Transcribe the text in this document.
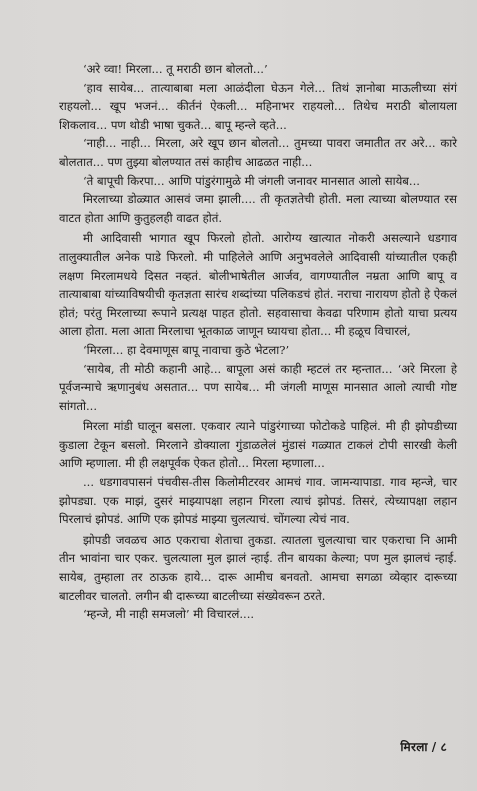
‘अरे व्वा! मिरला... तू मराठी छान बोलतो...’

‘हाव सायेब... तात्याबाबा मला आळंदीला घेऊन गेले... तिथं ज्ञानोबा माऊलीच्या संगं राहयलो... खूप भजनं... कीर्तनं ऐकली... महिनाभर राहयलो... तिथेच मराठी बोलायला शिकलाव... पण थोडी भाषा चुकते... बापू म्हन्ले व्हते...

‘नाही... नाही... मिरला, अरे खूप छान बोलतो... तुमच्या पावरा जमातीत तर अरे... कारे बोलतात... पण तुझ्या बोलण्यात तसं काहीच आढळत नाही...

‘ते बापूची किरपा... आणि पांडुरंगामुळे मी जंगली जनावर मानसात आलो सायेब...

मिरलाच्या डोळ्यात आसवं जमा झाली.... ती कृतज्ञतेची होती. मला त्याच्या बोलण्यात रस वाटत होता आणि कुतुहलही वाढत होतं.

मी आदिवासी भागात खूप फिरलो होतो. आरोग्य खात्यात नोकरी असल्याने धडगाव तालुक्यातील अनेक पाडे फिरलो. मी पाहिलेले आणि अनुभवलेले आदिवासी यांच्यातील एकही लक्षण मिरलामधये दिसत नव्हतं. बोलीभाषेतील आर्जव, वागण्यातील नम्रता आणि बापू व तात्याबाबा यांच्याविषयीची कृतज्ञता सारंच शब्दांच्या पलिकडचं होतं. नराचा नारायण होतो हे ऐकलं होतं; परंतु मिरलाच्या रूपाने प्रत्यक्ष पाहत होतो. सहवासाचा केवढा परिणाम होतो याचा प्रत्यय आला होता. मला आता मिरलाचा भूतकाळ जाणून घ्यायचा होता... मी हळूच विचारलं,

‘मिरला... हा देवमाणूस बापू नावाचा कुठे भेटला?’

‘सायेब, ती मोठी कहानी आहे... बापूला असं काही म्हटलं तर म्हन्तात... ‘अरे मिरला हे पूर्वजन्माचे ऋणानुबंध असतात... पण सायेब... मी जंगली माणूस मानसात आलो त्याची गोष्ट सांगतो...

मिरला मांडी घालून बसला. एकवार त्याने पांडुरंगाच्या फोटोकडे पाहिलं. मी ही झोपडीच्या कुडाला टेकून बसलो. मिरलाने डोक्याला गुंडाळलेलं मुंडासं गळ्यात टाकलं टोपी सारखी केली आणि म्हणाला. मी ही लक्षपूर्वक ऐकत होतो... मिरला म्हणाला...

... धडगावपासनं पंचवीस-तीस किलोमीटरवर आमचं गाव. जामन्यापाडा. गाव म्हन्जे, चार झोपड्या. एक माझं, दुसरं माझ्यापक्षा लहान गिरला त्याचं झोपडं. तिसरं, त्येच्यापक्षा लहान पिरलाचं झोपडं. आणि एक झोपडं माझ्या चुलत्याचं. चोंगल्या त्येचं नाव.

झोपडी जवळच आठ एकराचा शेताचा तुकडा. त्यातला चुलत्याचा चार एकराचा नि आमी तीन भावांना चार एकर. चुलत्याला मुल झालं न्हाई. तीन बायका केल्या; पण मुल झालचं न्हाई. सायेब, तुम्हाला तर ठाऊक हाये... दारू आमीच बनवतो. आमचा सगळा व्येव्हार दारूच्या बाटलीवर चालतो. लगीन बी दारूच्या बाटलीच्या संख्येवरून ठरते.

‘म्हन्जे, मी नाही समजलो’ मी विचारलं....

मिरला / ८
